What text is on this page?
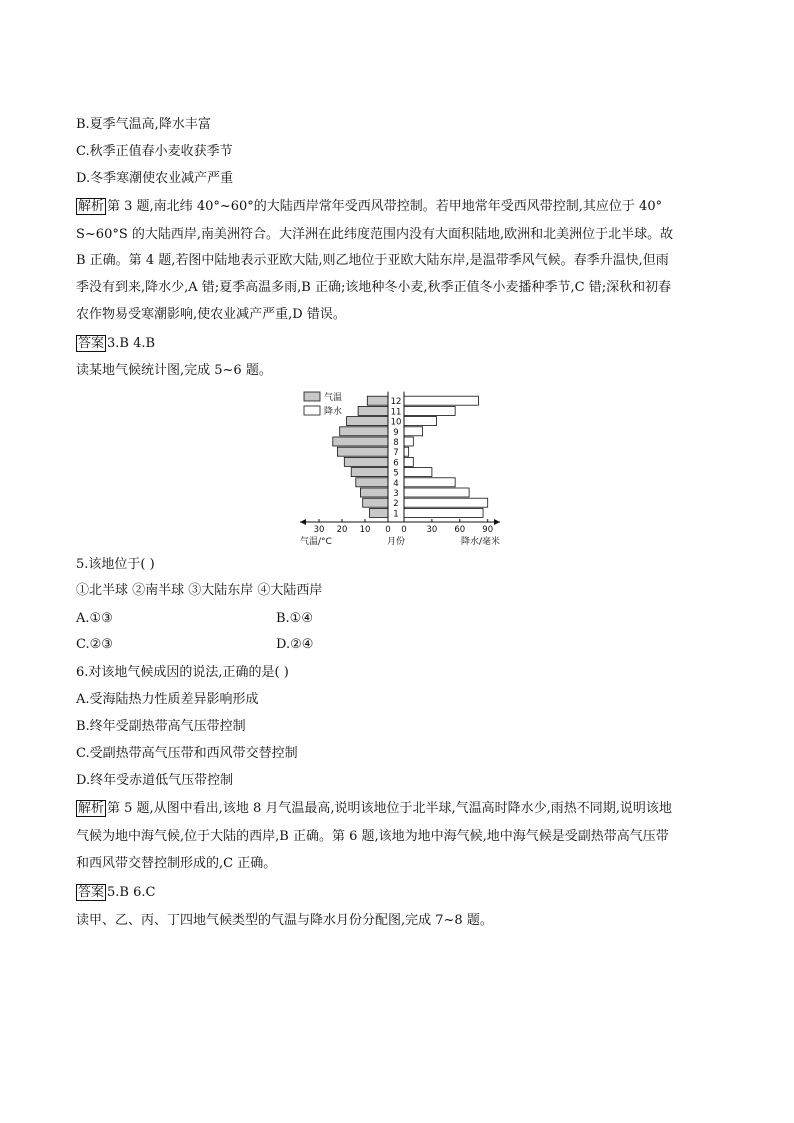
B.夏季气温高,降水丰富
C.秋季正值春小麦收获季节
D.冬季寒潮使农业减产严重
解析 第 3 题,南北纬 40°~60°的大陆西岸常年受西风带控制。若甲地常年受西风带控制,其应位于 40°
S~60°S 的大陆西岸,南美洲符合。大洋洲在此纬度范围内没有大面积陆地,欧洲和北美洲位于北半球。故
B 正确。第 4 题,若图中陆地表示亚欧大陆,则乙地位于亚欧大陆东岸,是温带季风气候。春季升温快,但雨
季没有到来,降水少,A 错;夏季高温多雨,B 正确;该地种冬小麦,秋季正值冬小麦播种季节,C 错;深秋和初春
农作物易受寒潮影响,使农业减产严重,D 错误。
答案 3.B 4.B
读某地气候统计图,完成 5~6 题。
气温
降水
1
2
3
4
5
6
7
8
9
10
11
12
30 20 10 0 0 30 60 90
气温/°C	月份	降水/毫米
5.该地位于( )
①北半球 ②南半球 ③大陆东岸 ④大陆西岸
A.①③	B.①④
C.②③	D.②④
6.对该地气候成因的说法,正确的是( )
A.受海陆热力性质差异影响形成
B.终年受副热带高气压带控制
C.受副热带高气压带和西风带交替控制
D.终年受赤道低气压带控制
解析 第 5 题,从图中看出,该地 8 月气温最高,说明该地位于北半球,气温高时降水少,雨热不同期,说明该地
气候为地中海气候,位于大陆的西岸,B 正确。第 6 题,该地为地中海气候,地中海气候是受副热带高气压带
和西风带交替控制形成的,C 正确。
答案 5.B 6.C
读甲、乙、丙、丁四地气候类型的气温与降水月份分配图,完成 7~8 题。
